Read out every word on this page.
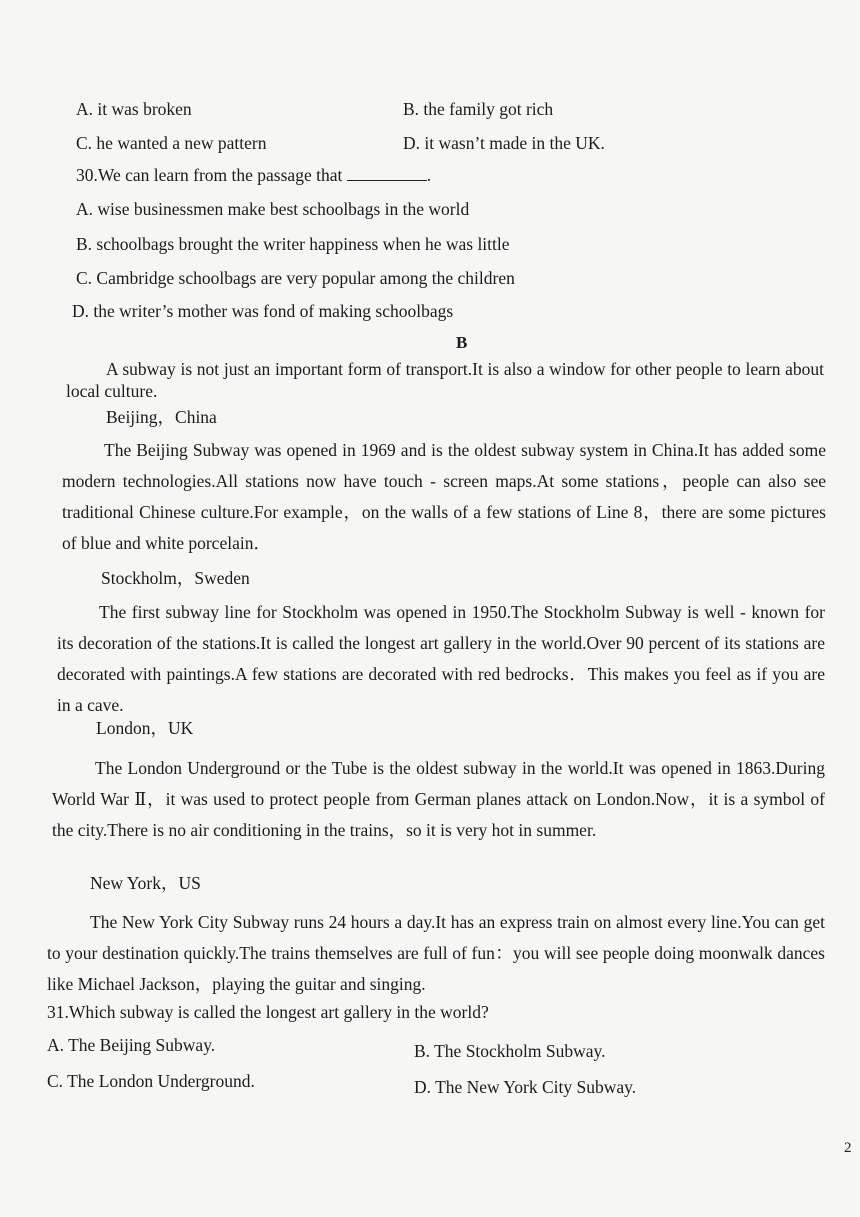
A. it was broken	B. the family got rich
C. he wanted a new pattern	D. it wasn’t made in the UK.
30.We can learn from the passage that	.
A. wise businessmen make best schoolbags in the world
B. schoolbags brought the writer happiness when he was little
C. Cambridge schoolbags are very popular among the children
D. the writer’s mother was fond of making schoolbags
B
A subway is not just an important form of transport.It is also a window for other people to learn about local culture.
Beijing，China
The Beijing Subway was opened in 1969 and is the oldest subway system in China.It has added some modern technologies.All stations now have touch - screen maps.At some stations，people can also see traditional Chinese culture.For example，on the walls of a few stations of Line 8，there are some pictures of blue and white porcelain．
Stockholm，Sweden
The first subway line for Stockholm was opened in 1950.The Stockholm Subway is well - known for its decoration of the stations.It is called the longest art gallery in the world.Over 90 percent of its stations are decorated with paintings.A few stations are decorated with red bedrocks．This makes you feel as if you are in a cave.
London，UK
The London Underground or the Tube is the oldest subway in the world.It was opened in 1863.During World War Ⅱ，it was used to protect people from German planes attack on London.Now，it is a symbol of the city.There is no air conditioning in the trains，so it is very hot in summer.
New York，US
The New York City Subway runs 24 hours a day.It has an express train on almost every line.You can get to your destination quickly.The trains themselves are full of fun：you will see people doing moonwalk dances like Michael Jackson，playing the guitar and singing.
31.Which subway is called the longest art gallery in the world?
A. The Beijing Subway.	B. The Stockholm Subway.
C. The London Underground.	D. The New York City Subway.
2
